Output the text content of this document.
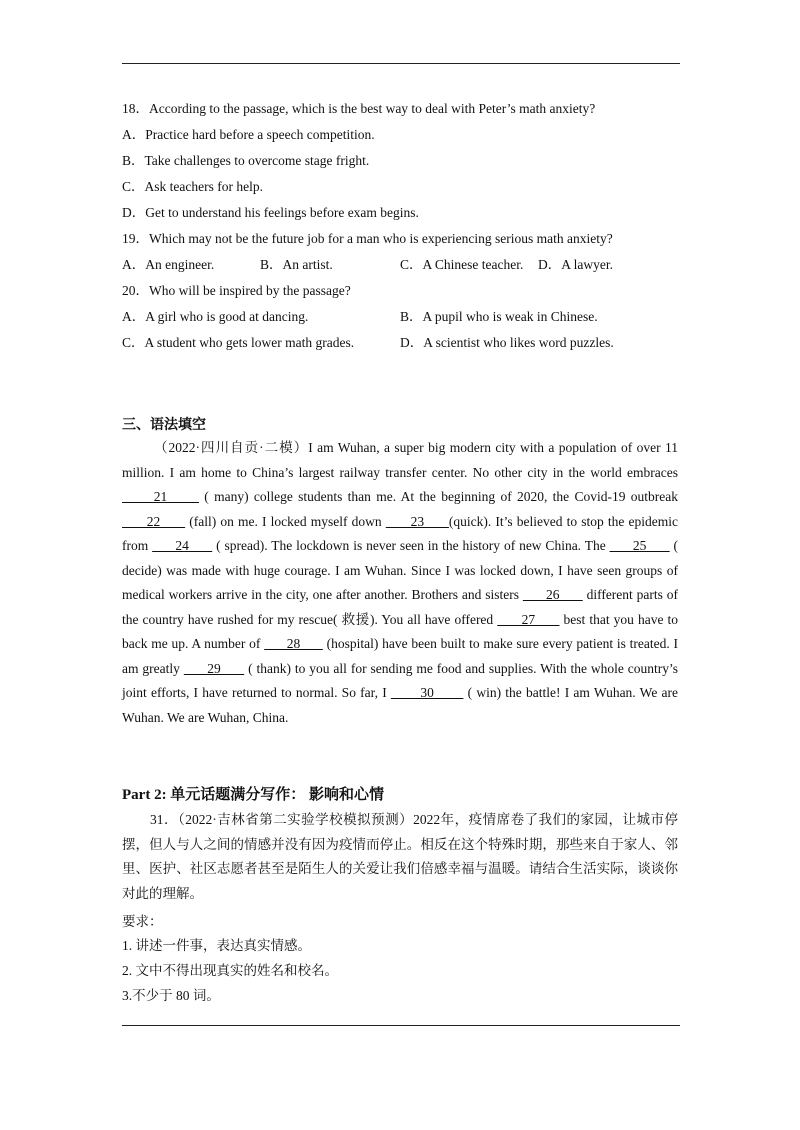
18．According to the passage, which is the best way to deal with Peter’s math anxiety?
A．Practice hard before a speech competition.
B．Take challenges to overcome stage fright.
C．Ask teachers for help.
D．Get to understand his feelings before exam begins.
19．Which may not be the future job for a man who is experiencing serious math anxiety?
A．An engineer.	B．An artist.	C．A Chinese teacher. D．A lawyer.
20．Who will be inspired by the passage?
A．A girl who is good at dancing.	B．A pupil who is weak in Chinese.
C．A student who gets lower math grades.	D．A scientist who likes word puzzles.
三、语法填空
（2022·四川自贡·二模）I am Wuhan, a super big modern city with a population of over 11 million. I am home to China’s largest railway transfer center. No other city in the world embraces       21       ( many) college students than me. At the beginning of 2020, the Covid-19 outbreak       22       (fall) on me. I locked myself down       23      (quick). It’s believed to stop the epidemic from       24       ( spread). The lockdown is never seen in the history of new China. The       25       ( decide) was made with huge courage. I am Wuhan. Since I was locked down, I have seen groups of medical workers arrive in the city, one after another. Brothers and sisters       26       different parts of the country have rushed for my rescue( 救援). You all have offered       27       best that you have to back me up. A number of       28       (hospital) have been built to make sure every patient is treated. I am greatly       29       ( thank) to you all for sending me food and supplies. With the whole country’s joint efforts, I have returned to normal. So far, I        30        ( win) the battle! I am Wuhan. We are Wuhan. We are Wuhan, China.
Part 2: 单元话题满分写作： 影响和心情
31．（2022·吉林省第二实验学校模拟预测）2022年，疫情席卷了我们的家园，让城市停摆，但人与人之间的情感并没有因为疫情而停止。相反在这个特殊时期，那些来自于家人、邻里、医护、社区志愿者甚至是陌生人的关爱让我们倍感幸福与温暖。请结合生活实际，谈谈你对此的理解。
要求：
1. 讲述一件事，表达真实情感。
2. 文中不得出现真实的姓名和校名。
3.不少于 80 词。
